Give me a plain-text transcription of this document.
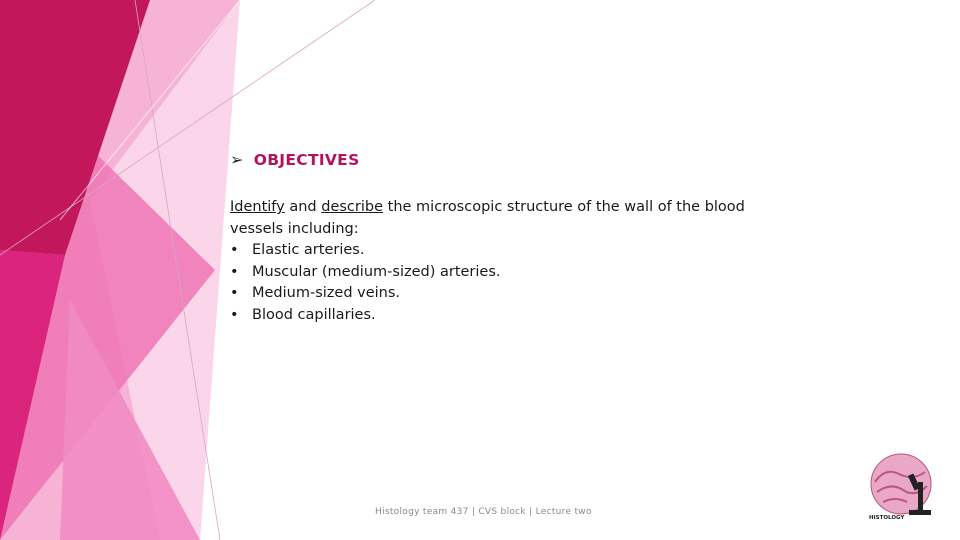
➢ OBJECTIVES
Identify and describe the microscopic structure of the wall of the blood vessels including:
• Elastic arteries.
• Muscular (medium-sized) arteries.
• Medium-sized veins.
• Blood capillaries.
Histology team 437 | CVS block | Lecture two
HISTOLOGY
